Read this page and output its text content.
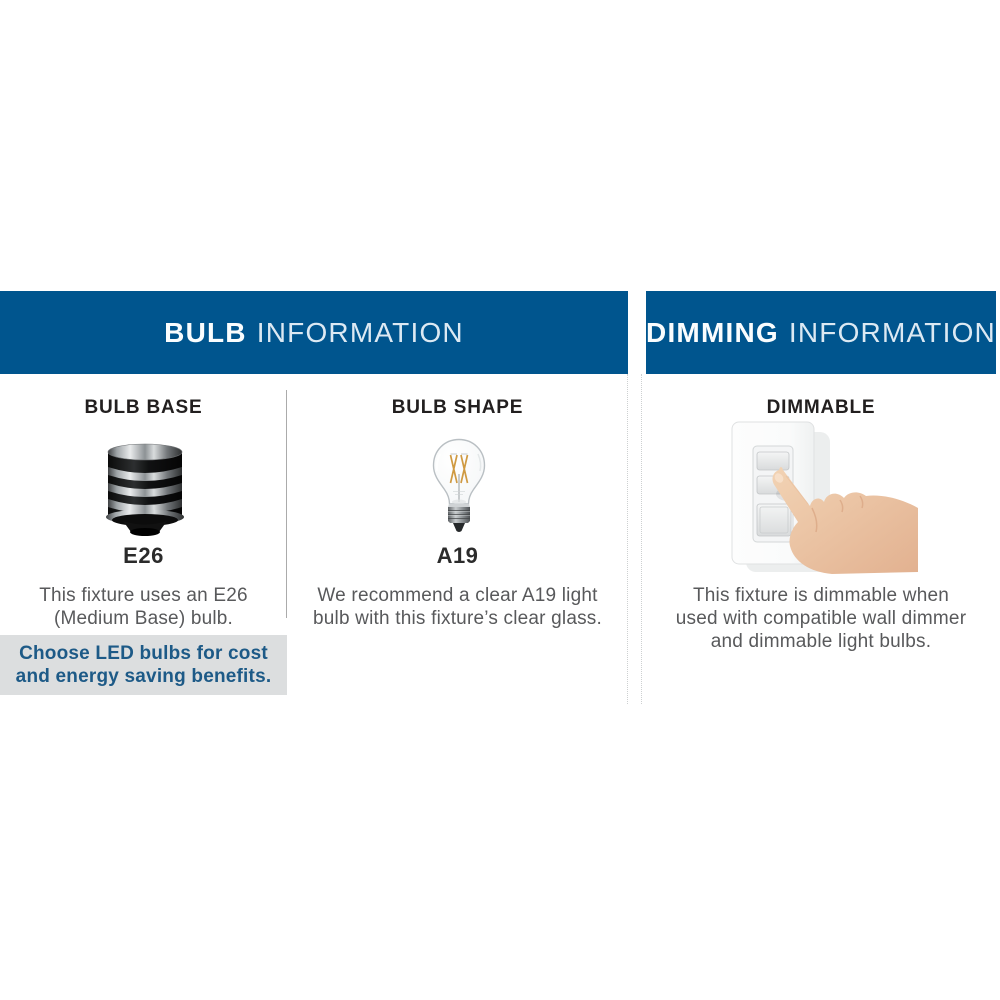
BULB INFORMATION	DIMMING INFORMATION
BULB BASE
E26
This fixture uses an E26
(Medium Base) bulb.
Choose LED bulbs for cost
and energy saving benefits.
BULB SHAPE
A19
We recommend a clear A19 light
bulb with this fixture’s clear glass.
DIMMABLE
This fixture is dimmable when
used with compatible wall dimmer
and dimmable light bulbs.
